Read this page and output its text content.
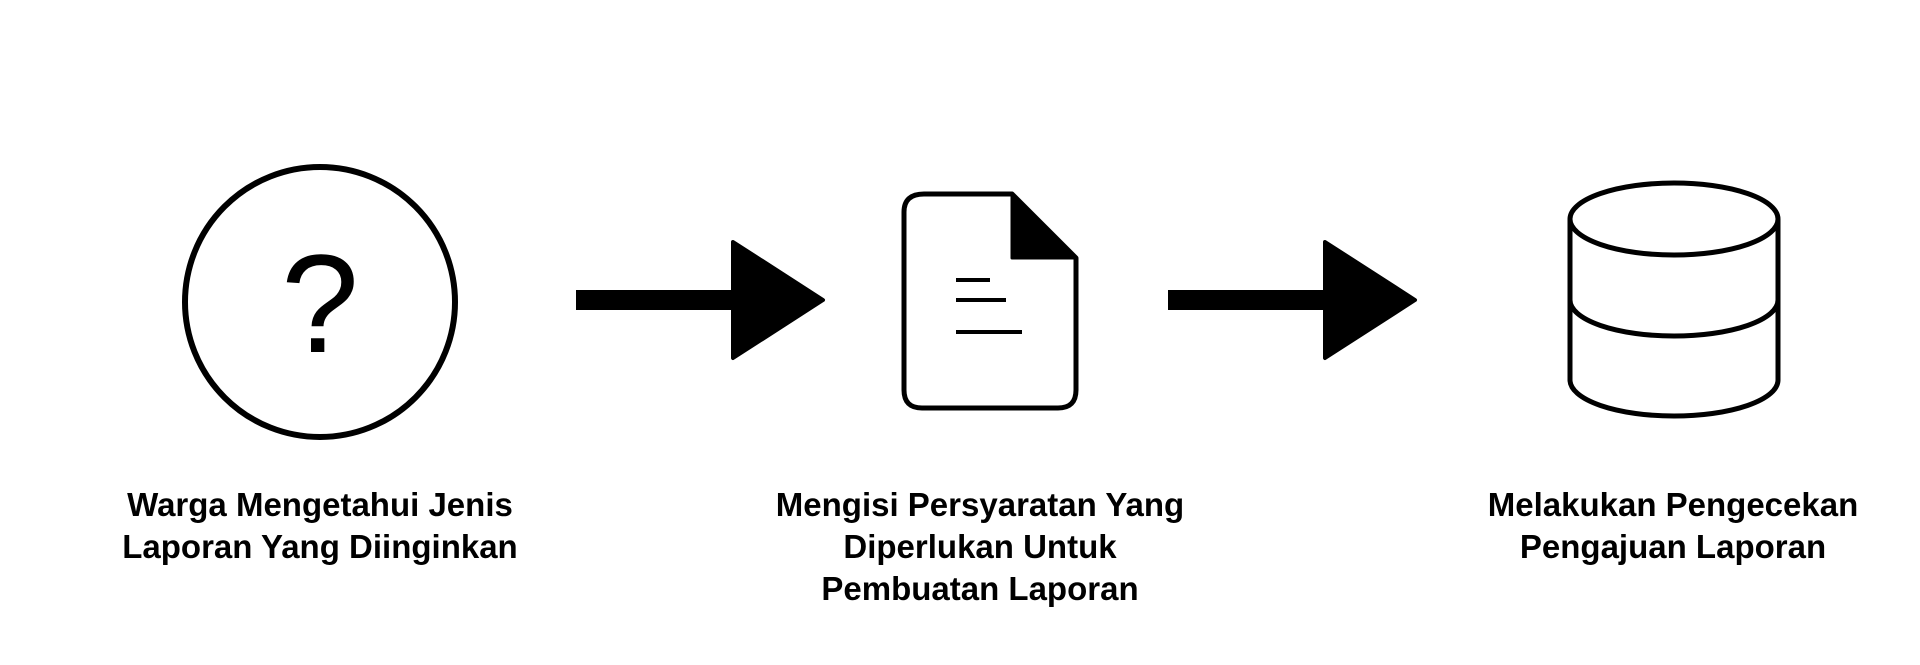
?
Warga Mengetahui Jenis
Laporan Yang Diinginkan
Mengisi Persyaratan Yang
Diperlukan Untuk
Pembuatan Laporan
Melakukan Pengecekan
Pengajuan Laporan
